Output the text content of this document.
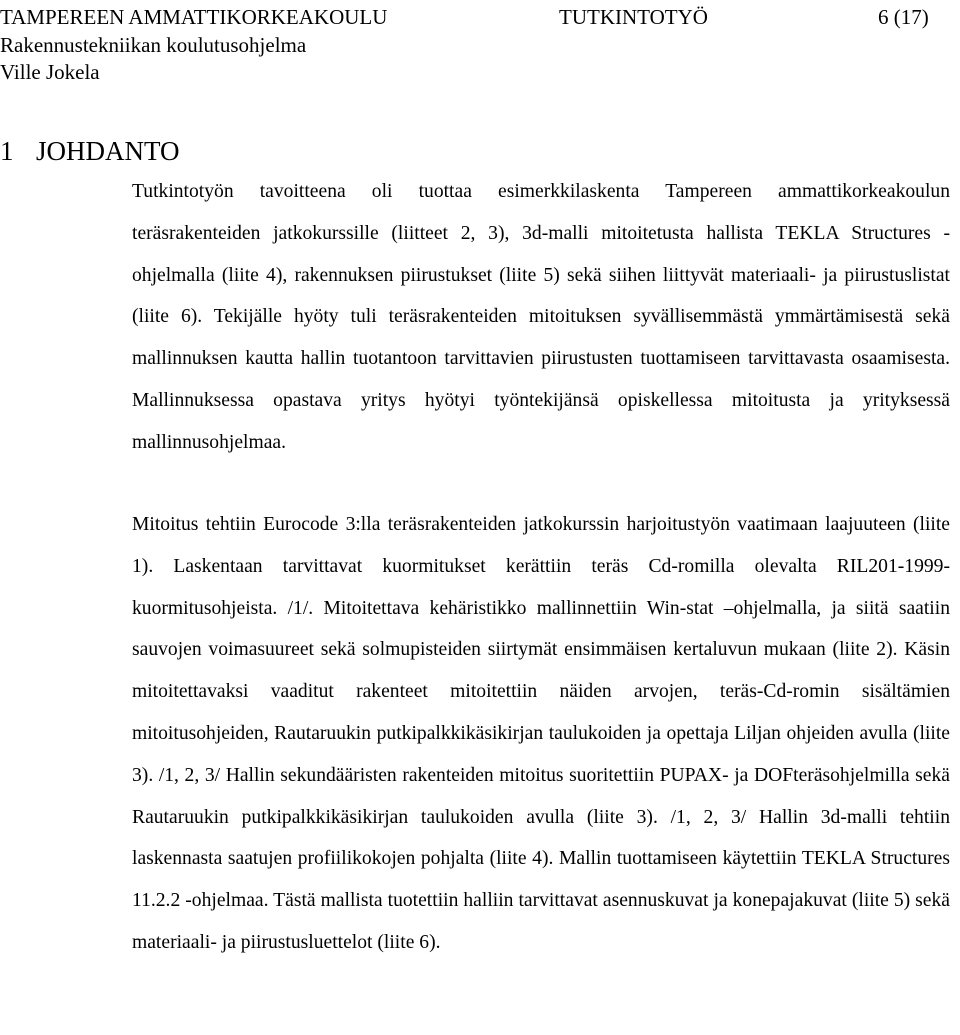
TAMPEREEN AMMATTIKORKEAKOULU	TUTKINTOTYÖ	6 (17)
Rakennustekniikan koulutusohjelma
Ville Jokela
1 JOHDANTO

Tutkintotyön tavoitteena oli tuottaa esimerkkilaskenta Tampereen ammattikorkeakoulun teräsrakenteiden jatkokurssille (liitteet 2, 3), 3d-malli mitoitetusta hallista TEKLA Structures -ohjelmalla (liite 4), rakennuksen piirustukset (liite 5) sekä siihen liittyvät materiaali- ja piirustuslistat (liite 6). Tekijälle hyöty tuli teräsrakenteiden mitoituksen syvällisemmästä ymmärtämisestä sekä mallinnuksen kautta hallin tuotantoon tarvittavien piirustusten tuottamiseen tarvittavasta osaamisesta. Mallinnuksessa opastava yritys hyötyi työntekijänsä opiskellessa mitoitusta ja yrityksessä mallinnusohjelmaa.

Mitoitus tehtiin Eurocode 3:lla teräsrakenteiden jatkokurssin harjoitustyön vaatimaan laajuuteen (liite 1). Laskentaan tarvittavat kuormitukset kerättiin teräs Cd-romilla olevalta RIL201-1999-kuormitusohjeista. /1/. Mitoitettava kehäristikko mallinnettiin Win-stat –ohjelmalla, ja siitä saatiin sauvojen voimasuureet sekä solmupisteiden siirtymät ensimmäisen kertaluvun mukaan (liite 2). Käsin mitoitettavaksi vaaditut rakenteet mitoitettiin näiden arvojen, teräs-Cd-romin sisältämien mitoitusohjeiden, Rautaruukin putkipalkkikäsikirjan taulukoiden ja opettaja Liljan ohjeiden avulla (liite 3). /1, 2, 3/ Hallin sekundääristen rakenteiden mitoitus suoritettiin PUPAX- ja DOFteräsohjelmilla sekä Rautaruukin putkipalkkikäsikirjan taulukoiden avulla (liite 3). /1, 2, 3/ Hallin 3d-malli tehtiin laskennasta saatujen profiilikokojen pohjalta (liite 4). Mallin tuottamiseen käytettiin TEKLA Structures 11.2.2 -ohjelmaa. Tästä mallista tuotettiin halliin tarvittavat asennuskuvat ja konepajakuvat (liite 5) sekä materiaali- ja piirustusluettelot (liite 6).
